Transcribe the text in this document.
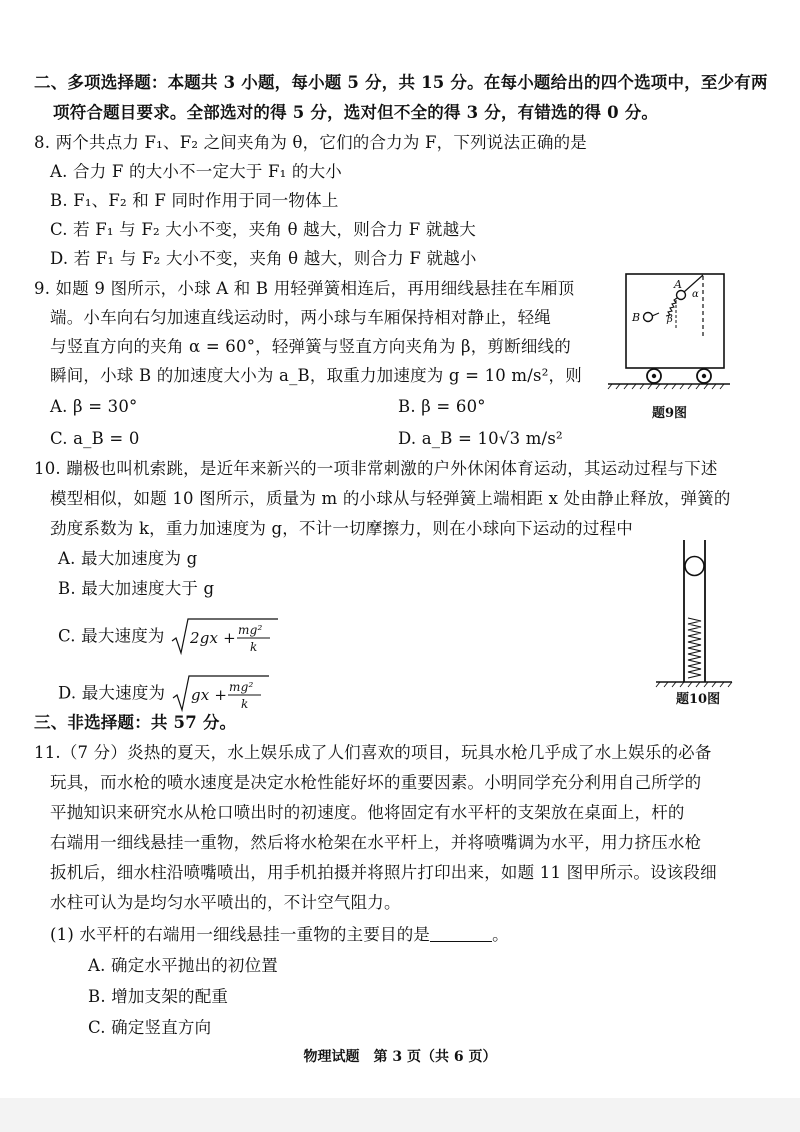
二、多项选择题：本题共 3 小题，每小题 5 分，共 15 分。在每小题给出的四个选项中，至少有两
项符合题目要求。全部选对的得 5 分，选对但不全的得 3 分，有错选的得 0 分。
8. 两个共点力 F₁、F₂ 之间夹角为 θ，它们的合力为 F，下列说法正确的是
A. 合力 F 的大小不一定大于 F₁ 的大小
B. F₁、F₂ 和 F 同时作用于同一物体上
C. 若 F₁ 与 F₂ 大小不变，夹角 θ 越大，则合力 F 就越大
D. 若 F₁ 与 F₂ 大小不变，夹角 θ 越大，则合力 F 就越小
9. 如题 9 图所示，小球 A 和 B 用轻弹簧相连后，再用细线悬挂在车厢顶
端。小车向右匀加速直线运动时，两小球与车厢保持相对静止，轻绳
与竖直方向的夹角 α = 60°，轻弹簧与竖直方向夹角为 β，剪断细线的
瞬间，小球 B 的加速度大小为 a_B，取重力加速度为 g = 10 m/s²，则
A. β = 30°	B. β = 60°
C. a_B = 0	D. a_B = 10√3 m/s²
A
B
α
β
题9图
10. 蹦极也叫机索跳，是近年来新兴的一项非常刺激的户外休闲体育运动，其运动过程与下述
模型相似，如题 10 图所示，质量为 m 的小球从与轻弹簧上端相距 x 处由静止释放，弹簧的
劲度系数为 k，重力加速度为 g，不计一切摩擦力，则在小球向下运动的过程中
A. 最大加速度为 g
B. 最大加速度大于 g
C. 最大速度为 2gx + mg²
k
D. 最大速度为 gx + mg²
k	题10图
三、非选择题：共 57 分。
11.（7 分）炎热的夏天，水上娱乐成了人们喜欢的项目，玩具水枪几乎成了水上娱乐的必备
玩具，而水枪的喷水速度是决定水枪性能好坏的重要因素。小明同学充分利用自己所学的
平抛知识来研究水从枪口喷出时的初速度。他将固定有水平杆的支架放在桌面上，杆的
右端用一细线悬挂一重物，然后将水枪架在水平杆上，并将喷嘴调为水平，用力挤压水枪
扳机后，细水柱沿喷嘴喷出，用手机拍摄并将照片打印出来，如题 11 图甲所示。设该段细
水柱可认为是均匀水平喷出的，不计空气阻力。
(1) 水平杆的右端用一细线悬挂一重物的主要目的是	。
A. 确定水平抛出的初位置
B. 增加支架的配重
C. 确定竖直方向
物理试题　第 3 页（共 6 页）
